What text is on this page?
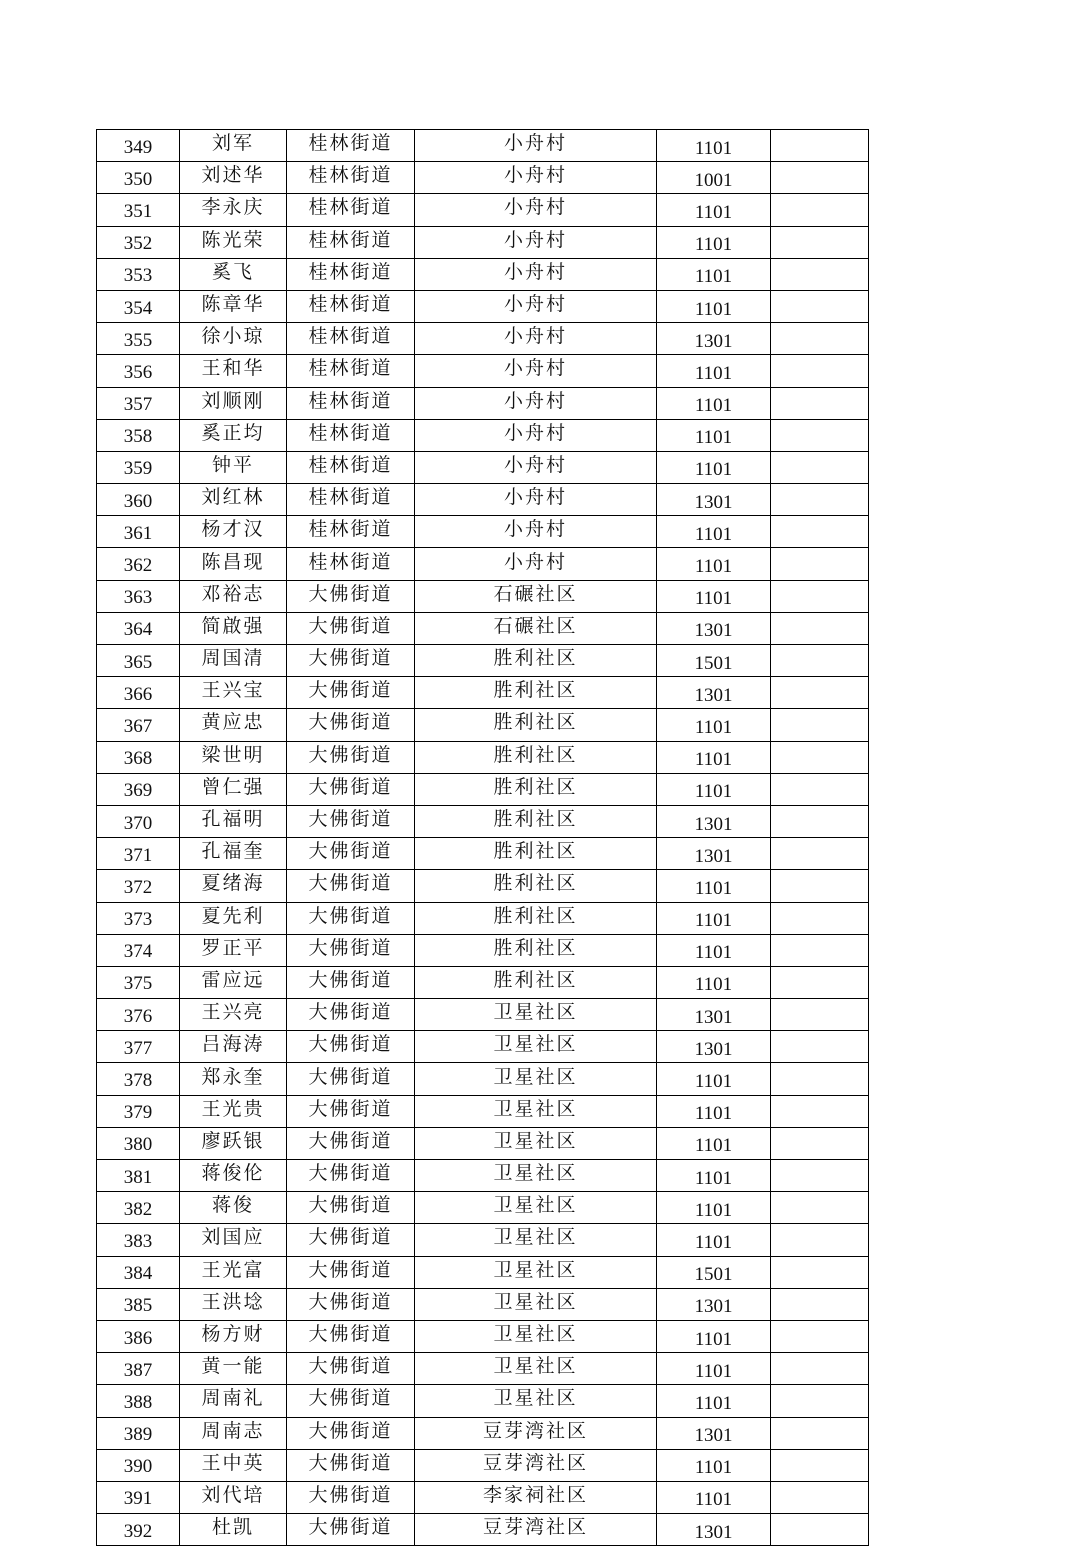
349	刘军	桂林街道	小舟村	1101	
350	刘述华	桂林街道	小舟村	1001	
351	李永庆	桂林街道	小舟村	1101	
352	陈光荣	桂林街道	小舟村	1101	
353	奚飞	桂林街道	小舟村	1101	
354	陈章华	桂林街道	小舟村	1101	
355	徐小琼	桂林街道	小舟村	1301	
356	王和华	桂林街道	小舟村	1101	
357	刘顺刚	桂林街道	小舟村	1101	
358	奚正均	桂林街道	小舟村	1101	
359	钟平	桂林街道	小舟村	1101	
360	刘红林	桂林街道	小舟村	1301	
361	杨才汉	桂林街道	小舟村	1101	
362	陈昌现	桂林街道	小舟村	1101	
363	邓裕志	大佛街道	石碾社区	1101	
364	简啟强	大佛街道	石碾社区	1301	
365	周国清	大佛街道	胜利社区	1501	
366	王兴宝	大佛街道	胜利社区	1301	
367	黄应忠	大佛街道	胜利社区	1101	
368	梁世明	大佛街道	胜利社区	1101	
369	曾仁强	大佛街道	胜利社区	1101	
370	孔福明	大佛街道	胜利社区	1301	
371	孔福奎	大佛街道	胜利社区	1301	
372	夏绪海	大佛街道	胜利社区	1101	
373	夏先利	大佛街道	胜利社区	1101	
374	罗正平	大佛街道	胜利社区	1101	
375	雷应远	大佛街道	胜利社区	1101	
376	王兴亮	大佛街道	卫星社区	1301	
377	吕海涛	大佛街道	卫星社区	1301	
378	郑永奎	大佛街道	卫星社区	1101	
379	王光贵	大佛街道	卫星社区	1101	
380	廖跃银	大佛街道	卫星社区	1101	
381	蒋俊伦	大佛街道	卫星社区	1101	
382	蒋俊	大佛街道	卫星社区	1101	
383	刘国应	大佛街道	卫星社区	1101	
384	王光富	大佛街道	卫星社区	1501	
385	王洪埝	大佛街道	卫星社区	1301	
386	杨方财	大佛街道	卫星社区	1101	
387	黄一能	大佛街道	卫星社区	1101	
388	周南礼	大佛街道	卫星社区	1101	
389	周南志	大佛街道	豆芽湾社区	1301	
390	王中英	大佛街道	豆芽湾社区	1101	
391	刘代培	大佛街道	李家祠社区	1101	
392	杜凯	大佛街道	豆芽湾社区	1301	
